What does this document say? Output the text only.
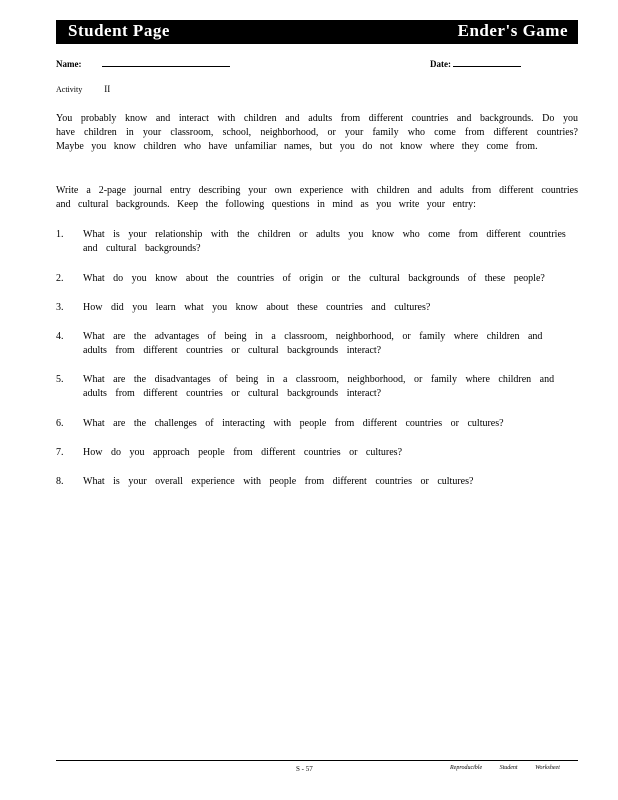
Student Page	Ender's Game
Name:	Date:
Activity II
You probably know and interact with children and adults from different countries and backgrounds. Do you have children in your classroom, school, neighborhood, or your family who come from different countries? Maybe you know children who have unfamiliar names, but you do not know where they come from.
Write a 2-page journal entry describing your own experience with children and adults from different countries and cultural backgrounds. Keep the following questions in mind as you write your entry:
1.	What is your relationship with the children or adults you know who come from different countries and cultural backgrounds?
2.	What do you know about the countries of origin or the cultural backgrounds of these people?
3.	How did you learn what you know about these countries and cultures?
4.	What are the advantages of being in a classroom, neighborhood, or family where children and adults from different countries or cultural backgrounds interact?
5.	What are the disadvantages of being in a classroom, neighborhood, or family where children and adults from different countries or cultural backgrounds interact?
6.	What are the challenges of interacting with people from different countries or cultures?
7.	How do you approach people from different countries or cultures?
8.	What is your overall experience with people from different countries or cultures?
S - 57	Reproducible Student Worksheet
